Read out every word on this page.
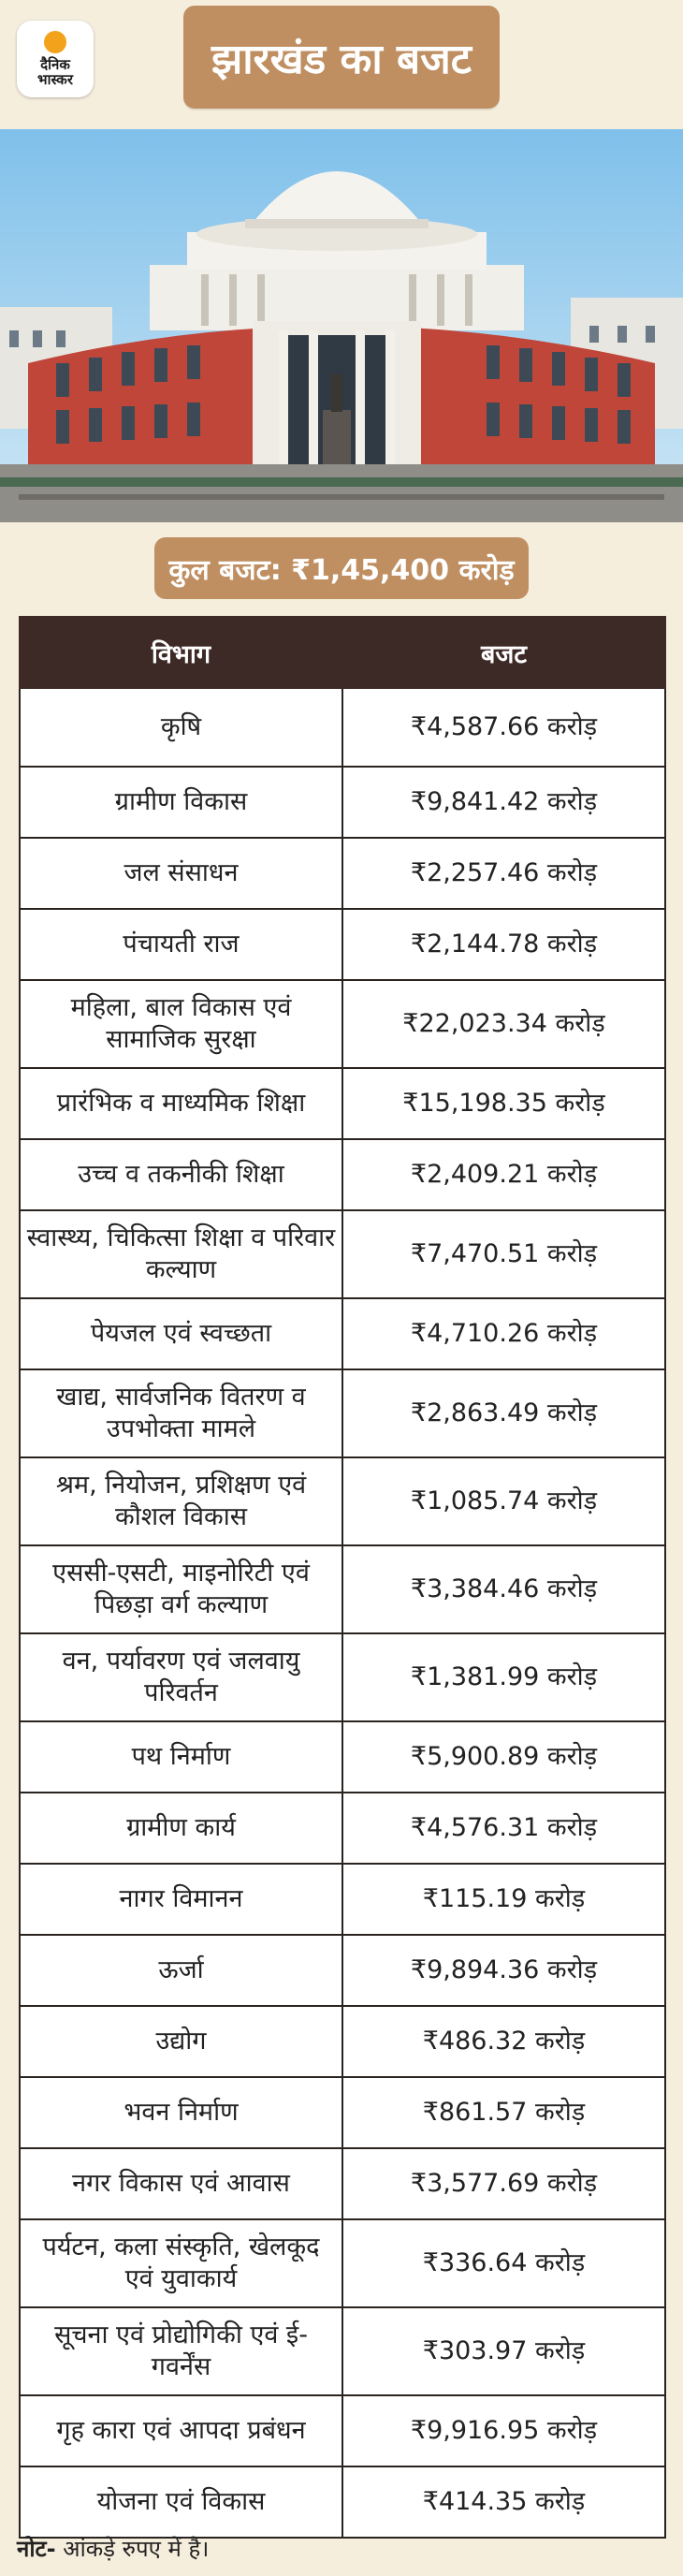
दैनिक
भास्कर	झारखंड का बजट
कुल बजट: ₹1,45,400 करोड़
विभाग	बजट
कृषि	₹4,587.66 करोड़
ग्रामीण विकास	₹9,841.42 करोड़
जल संसाधन	₹2,257.46 करोड़
पंचायती राज	₹2,144.78 करोड़
महिला, बाल विकास एवं सामाजिक सुरक्षा	₹22,023.34 करोड़
प्रारंभिक व माध्यमिक शिक्षा	₹15,198.35 करोड़
उच्च व तकनीकी शिक्षा	₹2,409.21 करोड़
स्वास्थ्य, चिकित्सा शिक्षा व परिवार कल्याण	₹7,470.51 करोड़
पेयजल एवं स्वच्छता	₹4,710.26 करोड़
खाद्य, सार्वजनिक वितरण व उपभोक्ता मामले	₹2,863.49 करोड़
श्रम, नियोजन, प्रशिक्षण एवं कौशल विकास	₹1,085.74 करोड़
एससी-एसटी, माइनोरिटी एवं पिछड़ा वर्ग कल्याण	₹3,384.46 करोड़
वन, पर्यावरण एवं जलवायु परिवर्तन	₹1,381.99 करोड़
पथ निर्माण	₹5,900.89 करोड़
ग्रामीण कार्य	₹4,576.31 करोड़
नागर विमानन	₹115.19 करोड़
ऊर्जा	₹9,894.36 करोड़
उद्योग	₹486.32 करोड़
भवन निर्माण	₹861.57 करोड़
नगर विकास एवं आवास	₹3,577.69 करोड़
पर्यटन, कला संस्कृति, खेलकूद एवं युवाकार्य	₹336.64 करोड़
सूचना एवं प्रोद्योगिकी एवं ई-गवर्नेंस	₹303.97 करोड़
गृह कारा एवं आपदा प्रबंधन	₹9,916.95 करोड़
योजना एवं विकास	₹414.35 करोड़
नोट- आंकड़े रुपए में है।
